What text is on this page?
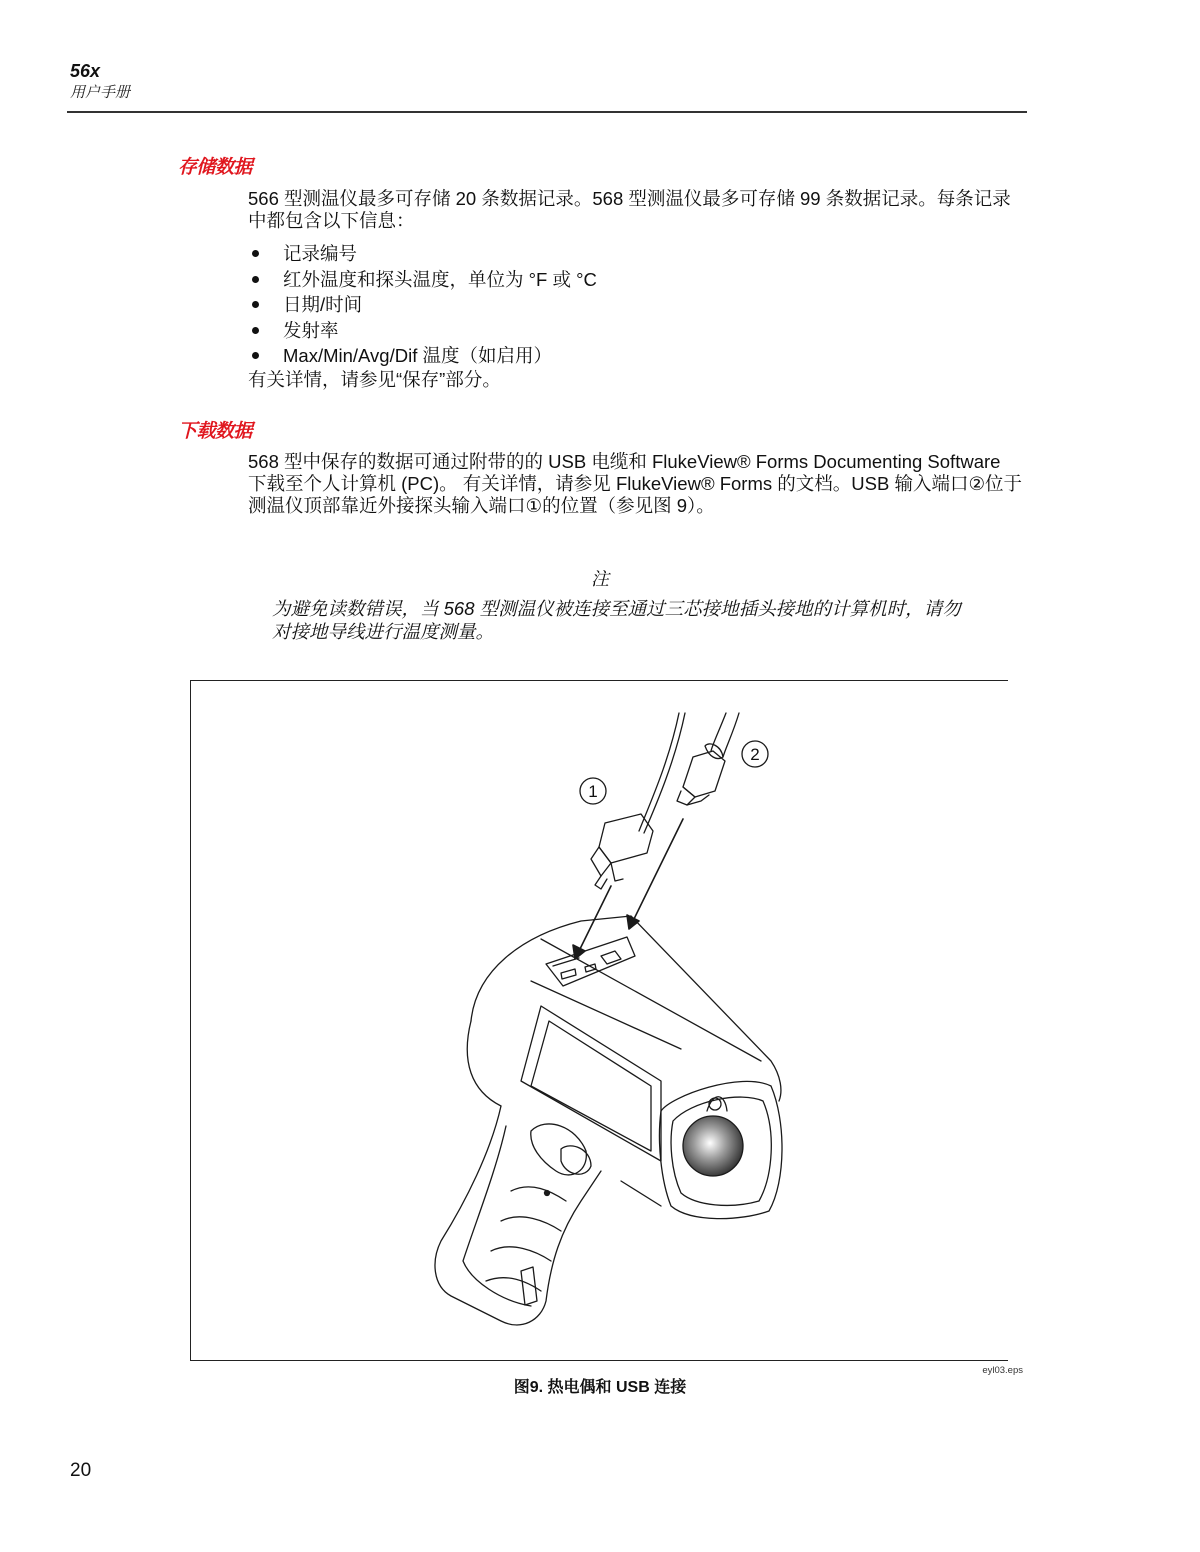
56x
用户手册
存储数据
566 型测温仪最多可存储 20 条数据记录。568 型测温仪最多可存储 99 条数据记录。每条记录中都包含以下信息：
记录编号
红外温度和探头温度，单位为 °F 或 °C
日期/时间
发射率
Max/Min/Avg/Dif 温度（如启用）
有关详情，请参见“保存”部分。
下载数据
568 型中保存的数据可通过附带的的 USB 电缆和 FlukeView® Forms Documenting Software 下载至个人计算机 (PC)。 有关详情，请参见 FlukeView® Forms 的文档。USB 输入端口②位于测温仪顶部靠近外接探头输入端口①的位置（参见图 9）。
注
为避免读数错误，当 568 型测温仪被连接至通过三芯接地插头接地的计算机时，请勿对接地导线进行温度测量。
1
2
eyl03.eps
图9. 热电偶和 USB 连接
20
